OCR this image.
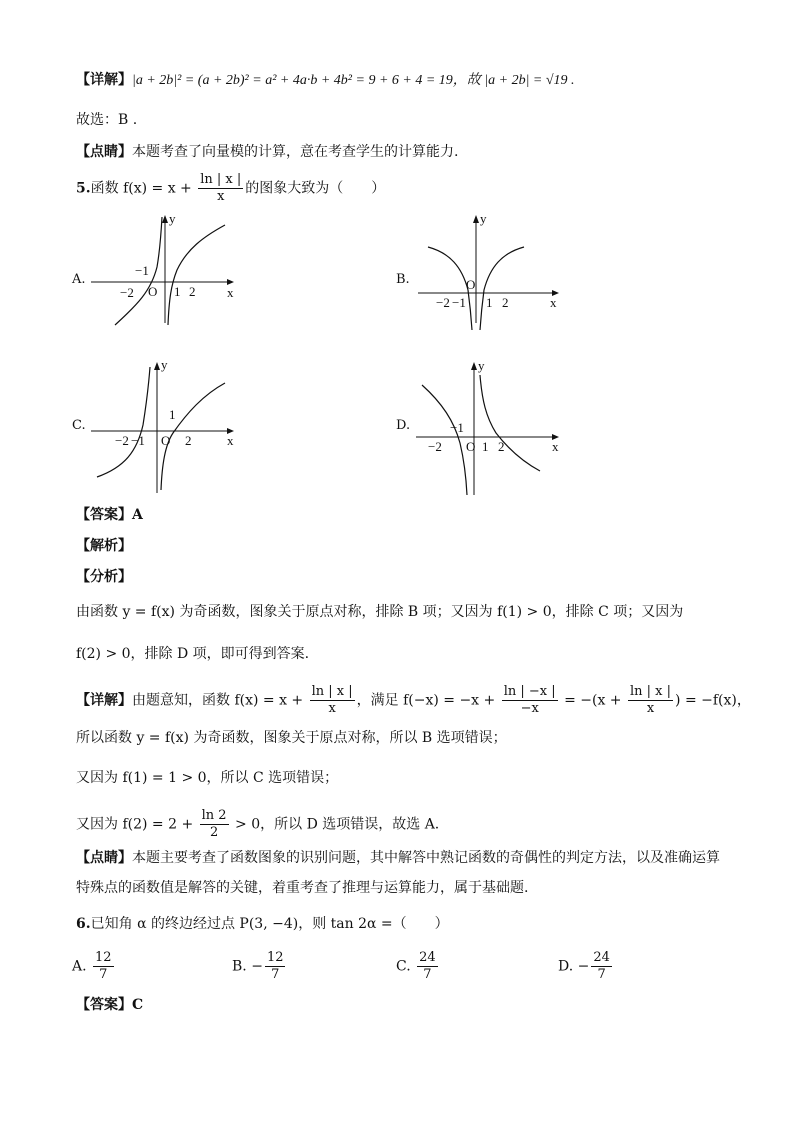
【详解】|a + 2b|² = (a + 2b)² = a² + 4a·b + 4b² = 9 + 6 + 4 = 19，故 |a + 2b| = √19 .
故选：B .
【点睛】本题考查了向量模的计算，意在考查学生的计算能力.
5.函数 $f(x) = x + \frac{\ln | x |}{x}$ 的图象大致为（　　）
A.	B.
C.	D.
y
x
O
−2
−1
1 2
y
x
O
−2 −1 1 2
y
x
O
−2 −1
1
2
y
x
O
−2
−1
1 2
【答案】A
【解析】
【分析】
由函数 y = f(x) 为奇函数，图象关于原点对称，排除 B 项；又因为 f(1) > 0，排除 C 项；又因为
f(2) > 0，排除 D 项，即可得到答案.
【详解】由题意知，函数 $f(x) = x + \frac{\ln | x |}{x}$ ，满足 $f(-x) = -x + \frac{\ln | -x |}{-x} = -(x + \frac{\ln | x |}{x}$ ) = −f(x)，
所以函数 y = f(x) 为奇函数，图象关于原点对称，所以 B 选项错误；
又因为 f(1) = 1 > 0，所以 C 选项错误；
又因为 $f(2) = 2 + \frac{\ln 2}{2} > 0$，所以 D 选项错误，故选 A.
【点睛】本题主要考查了函数图象的识别问题，其中解答中熟记函数的奇偶性的判定方法，以及准确运算
特殊点的函数值是解答的关键，着重考查了推理与运算能力，属于基础题.
6.已知角 α 的终边经过点 P(3, −4)，则 tan 2α =（　　）
A. $\frac{12}{7}$	B. − $\frac{12}{7}$	C. $\frac{24}{7}$	D. − $\frac{24}{7}$
【答案】C
